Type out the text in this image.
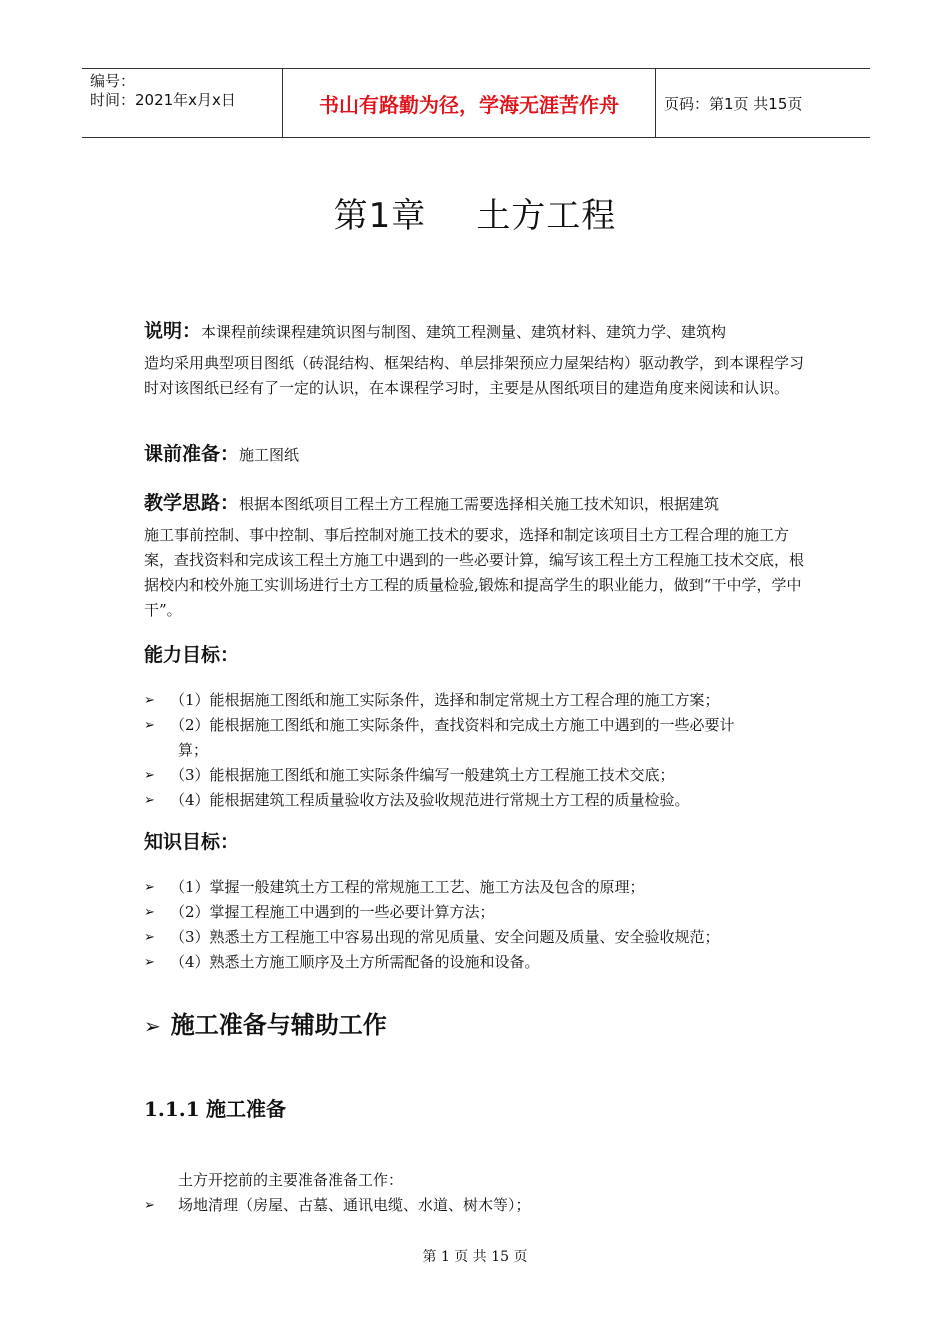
编号：
时间：2021年x月x日	书山有路勤为径，学海无涯苦作舟	页码：第1页 共15页
第1章 土方工程
说明：本课程前续课程建筑识图与制图、建筑工程测量、建筑材料、建筑力学、建筑构
造均采用典型项目图纸（砖混结构、框架结构、单层排架预应力屋架结构）驱动教学，到本课程学习时对该图纸已经有了一定的认识，在本课程学习时，主要是从图纸项目的建造角度来阅读和认识。
课前准备：施工图纸
教学思路：根据本图纸项目工程土方工程施工需要选择相关施工技术知识，根据建筑
施工事前控制、事中控制、事后控制对施工技术的要求，选择和制定该项目土方工程合理的施工方案，查找资料和完成该工程土方施工中遇到的一些必要计算，编写该工程土方工程施工技术交底，根据校内和校外施工实训场进行土方工程的质量检验,锻炼和提高学生的职业能力，做到“干中学，学中干”。
能力目标：
➢ （1）能根据施工图纸和施工实际条件，选择和制定常规土方工程合理的施工方案；
➢ （2）能根据施工图纸和施工实际条件，查找资料和完成土方施工中遇到的一些必要计
算；
➢ （3）能根据施工图纸和施工实际条件编写一般建筑土方工程施工技术交底；
➢ （4）能根据建筑工程质量验收方法及验收规范进行常规土方工程的质量检验。
知识目标：
➢ （1）掌握一般建筑土方工程的常规施工工艺、施工方法及包含的原理；
➢ （2）掌握工程施工中遇到的一些必要计算方法；
➢ （3）熟悉土方工程施工中容易出现的常见质量、安全问题及质量、安全验收规范；
➢ （4）熟悉土方施工顺序及土方所需配备的设施和设备。
➢ 施工准备与辅助工作
1.1.1 施工准备
土方开挖前的主要准备准备工作：
➢ 场地清理（房屋、古墓、通讯电缆、水道、树木等）；
第 1 页 共 15 页
